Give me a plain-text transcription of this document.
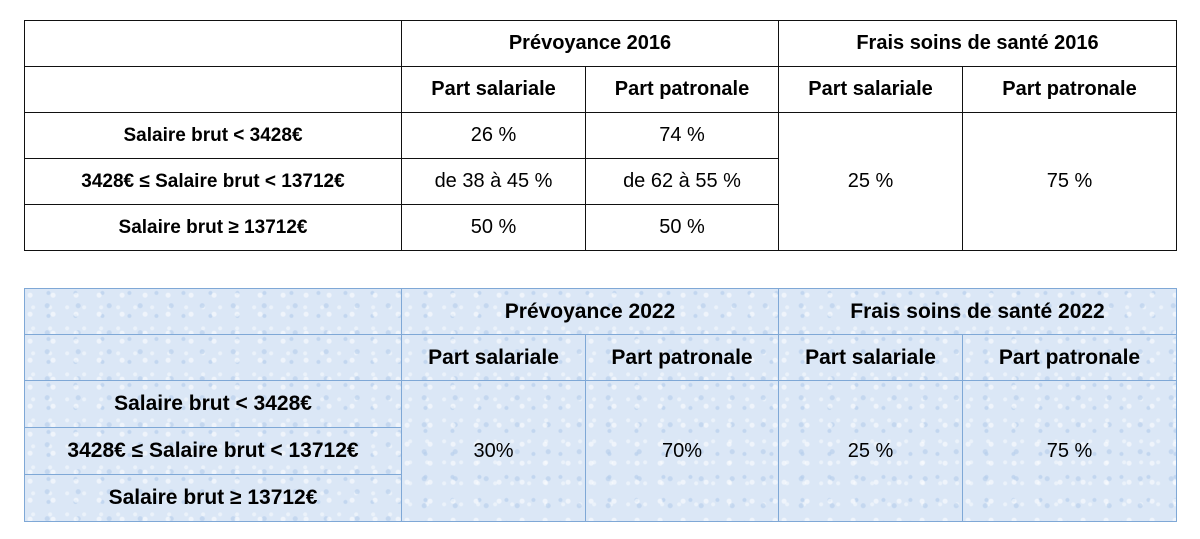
	Prévoyance 2016		Frais soins de santé 2016	
	Part salariale	Part patronale	Part salariale	Part patronale
Salaire brut < 3428€	26 %	74 %	25 %	75 %
3428€ ≤ Salaire brut < 13712€	de 38 à 45 %	de 62 à 55 %		
Salaire brut ≥ 13712€	50 %	50 %		
	Prévoyance 2022		Frais soins de santé 2022	
	Part salariale	Part patronale	Part salariale	Part patronale
Salaire brut < 3428€	30%	70%	25 %	75 %
3428€ ≤ Salaire brut < 13712€				
Salaire brut ≥ 13712€				
